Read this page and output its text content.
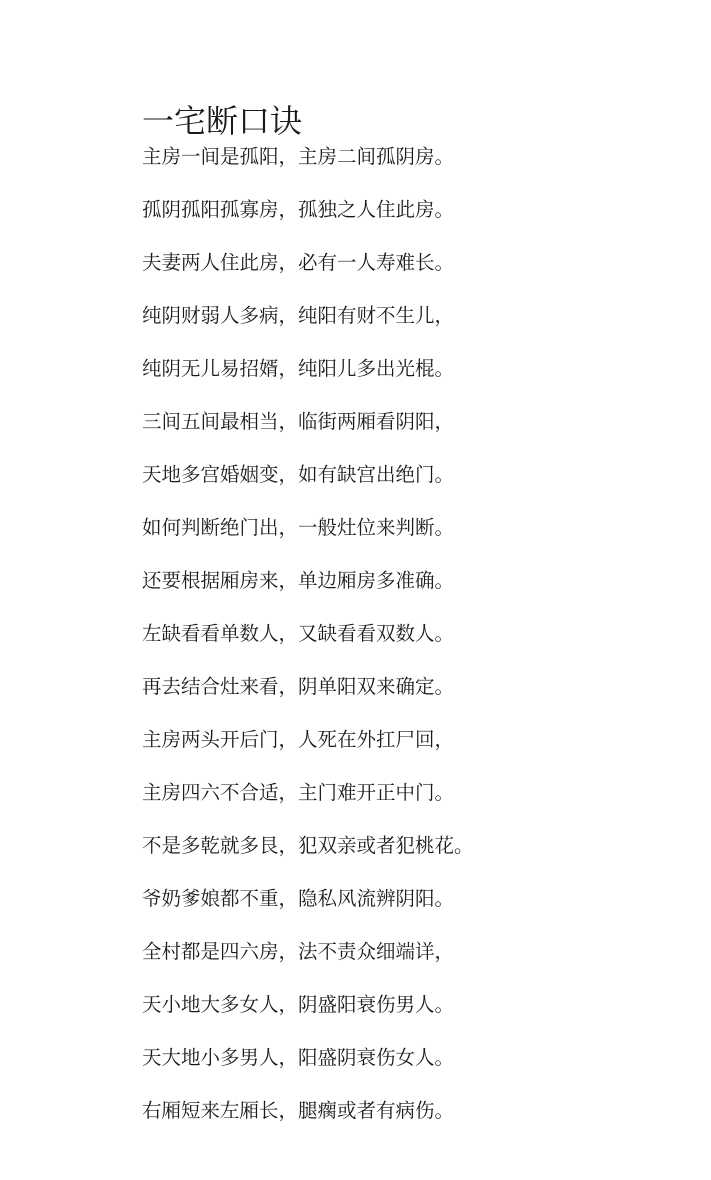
一宅断口诀
主房一间是孤阳，主房二间孤阴房。
孤阴孤阳孤寡房，孤独之人住此房。
夫妻两人住此房，必有一人寿难长。
纯阴财弱人多病，纯阳有财不生儿，
纯阴无儿易招婿，纯阳儿多出光棍。
三间五间最相当，临街两厢看阴阳，
天地多宫婚姻变，如有缺宫出绝门。
如何判断绝门出，一般灶位来判断。
还要根据厢房来，单边厢房多准确。
左缺看看单数人，又缺看看双数人。
再去结合灶来看，阴单阳双来确定。
主房两头开后门，人死在外扛尸回，
主房四六不合适，主门难开正中门。
不是多乾就多艮，犯双亲或者犯桃花。
爷奶爹娘都不重，隐私风流辨阴阳。
全村都是四六房，法不责众细端详，
天小地大多女人，阴盛阳衰伤男人。
天大地小多男人，阳盛阴衰伤女人。
右厢短来左厢长，腿瘸或者有病伤。
